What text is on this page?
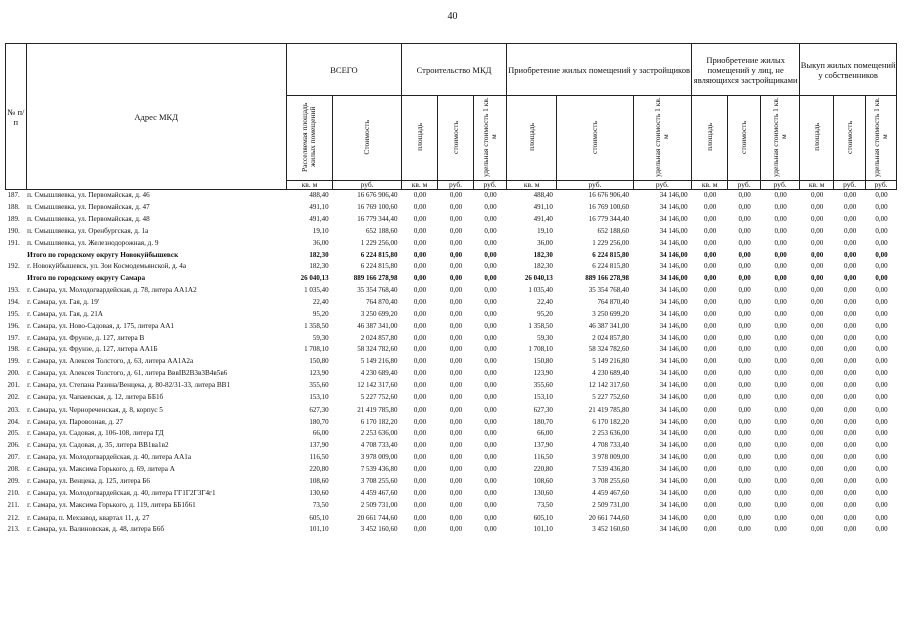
40
№ п/п	Адрес МКД	ВСЕГО		Строительство МКД			Приобретение жилых помещений у застройщиков			Приобретение жилых помещений у лиц, не являющихся застройщиками			Выкуп жилых помещений у собственников		
		Расселяемая площадь жилых помещений	Стоимость	площадь	стоимость	удельная стоимость 1 кв. м	площадь	стоимость	удельная стоимость 1 кв. м	площадь	стоимость	удельная стоимость 1 кв. м	площадь	стоимость	удельная стоимость 1 кв. м
		кв. м	руб.	кв. м	руб.	руб.	кв. м	руб.	руб.	кв. м	руб.	руб.	кв. м	руб.	руб.
187.	п. Смышляевка, ул. Первомайская, д. 46	488,40	16 676 906,40	0,00	0,00	0,00	488,40	16 676 906,40	34 146,00	0,00	0,00	0,00	0,00	0,00	0,00
188.	п. Смышляевка, ул. Первомайская, д. 47	491,10	16 769 100,60	0,00	0,00	0,00	491,10	16 769 100,60	34 146,00	0,00	0,00	0,00	0,00	0,00	0,00
189.	п. Смышляевка, ул. Первомайская, д. 48	491,40	16 779 344,40	0,00	0,00	0,00	491,40	16 779 344,40	34 146,00	0,00	0,00	0,00	0,00	0,00	0,00
190.	п. Смышляевка, ул. Оренбургская, д. 1а	19,10	652 188,60	0,00	0,00	0,00	19,10	652 188,60	34 146,00	0,00	0,00	0,00	0,00	0,00	0,00
191.	п. Смышляевка, ул. Железнодорожная, д. 9	36,00	1 229 256,00	0,00	0,00	0,00	36,00	1 229 256,00	34 146,00	0,00	0,00	0,00	0,00	0,00	0,00
	Итого по городскому округу Новокуйбышевск	182,30	6 224 815,80	0,00	0,00	0,00	182,30	6 224 815,80	34 146,00	0,00	0,00	0,00	0,00	0,00	0,00
192.	г. Новокуйбышевск, ул. Зои Космодемьянской, д. 4а	182,30	6 224 815,80	0,00	0,00	0,00	182,30	6 224 815,80	34 146,00	0,00	0,00	0,00	0,00	0,00	0,00
	Итого по городскому округу Самара	26 040,13	889 166 278,98	0,00	0,00	0,00	26 040,13	889 166 278,98	34 146,00	0,00	0,00	0,00	0,00	0,00	0,00
193.	г. Самара, ул. Молодогвардейская, д. 78, литера АА1А2	1 035,40	35 354 768,40	0,00	0,00	0,00	1 035,40	35 354 768,40	34 146,00	0,00	0,00	0,00	0,00	0,00	0,00
194.	г. Самара, ул. Гая, д. 19'	22,40	764 870,40	0,00	0,00	0,00	22,40	764 870,40	34 146,00	0,00	0,00	0,00	0,00	0,00	0,00
195.	г. Самара, ул. Гая, д. 21А	95,20	3 250 699,20	0,00	0,00	0,00	95,20	3 250 699,20	34 146,00	0,00	0,00	0,00	0,00	0,00	0,00
196.	г. Самара, ул. Ново-Садовая, д. 175, литера АА1	1 358,50	46 387 341,00	0,00	0,00	0,00	1 358,50	46 387 341,00	34 146,00	0,00	0,00	0,00	0,00	0,00	0,00
197.	г. Самара, ул. Фрунзе, д. 127, литера В	59,30	2 024 857,80	0,00	0,00	0,00	59,30	2 024 857,80	34 146,00	0,00	0,00	0,00	0,00	0,00	0,00
198.	г. Самара, ул. Фрунзе, д. 127, литера АА1Б	1 708,10	58 324 782,60	0,00	0,00	0,00	1 708,10	58 324 782,60	34 146,00	0,00	0,00	0,00	0,00	0,00	0,00
199.	г. Самара, ул. Алексея Толстого, д. 63, литера АА1А2а	150,80	5 149 216,80	0,00	0,00	0,00	150,80	5 149 216,80	34 146,00	0,00	0,00	0,00	0,00	0,00	0,00
200.	г. Самара, ул. Алексея Толстого, д. 61, литера ВввІВ2В3в3В4в5в6	123,90	4 230 689,40	0,00	0,00	0,00	123,90	4 230 689,40	34 146,00	0,00	0,00	0,00	0,00	0,00	0,00
201.	г. Самара, ул. Степана Разина/Венцека, д. 80-82/31-33, литера ВВ1	355,60	12 142 317,60	0,00	0,00	0,00	355,60	12 142 317,60	34 146,00	0,00	0,00	0,00	0,00	0,00	0,00
202.	г. Самара, ул. Чапаевская, д. 12, литера ББ1б	153,10	5 227 752,60	0,00	0,00	0,00	153,10	5 227 752,60	34 146,00	0,00	0,00	0,00	0,00	0,00	0,00
203.	г. Самара, ул. Чернореченская, д. 8, корпус 5	627,30	21 419 785,80	0,00	0,00	0,00	627,30	21 419 785,80	34 146,00	0,00	0,00	0,00	0,00	0,00	0,00
204.	г. Самара, ул. Паровозная, д. 27	180,70	6 170 182,20	0,00	0,00	0,00	180,70	6 170 182,20	34 146,00	0,00	0,00	0,00	0,00	0,00	0,00
205.	г. Самара, ул. Садовая, д. 106-108, литера ГД	66,00	2 253 636,00	0,00	0,00	0,00	66,00	2 253 636,00	34 146,00	0,00	0,00	0,00	0,00	0,00	0,00
206.	г. Самара, ул. Садовая, д. 35, литера ВВ1ва1в2	137,90	4 708 733,40	0,00	0,00	0,00	137,90	4 708 733,40	34 146,00	0,00	0,00	0,00	0,00	0,00	0,00
207.	г. Самара, ул. Молодогвардейская, д. 40, литера АА1а	116,50	3 978 009,00	0,00	0,00	0,00	116,50	3 978 009,00	34 146,00	0,00	0,00	0,00	0,00	0,00	0,00
208.	г. Самара, ул. Максима Горького, д. 69, литера А	220,80	7 539 436,80	0,00	0,00	0,00	220,80	7 539 436,80	34 146,00	0,00	0,00	0,00	0,00	0,00	0,00
209.	г. Самара, ул. Венцека, д. 125, литера Б6	108,60	3 708 255,60	0,00	0,00	0,00	108,60	3 708 255,60	34 146,00	0,00	0,00	0,00	0,00	0,00	0,00
210.	г. Самара, ул. Молодогвардейская, д. 40, литера ГГ1Г2Г3Г4г1	130,60	4 459 467,60	0,00	0,00	0,00	130,60	4 459 467,60	34 146,00	0,00	0,00	0,00	0,00	0,00	0,00
211.	г. Самара, ул. Максима Горького, д. 119, литера ББ1б61	73,50	2 509 731,00	0,00	0,00	0,00	73,50	2 509 731,00	34 146,00	0,00	0,00	0,00	0,00	0,00	0,00
212.	г. Самара, п. Мехзавод, квартал 11, д. 27	605,10	20 661 744,60	0,00	0,00	0,00	605,10	20 661 744,60	34 146,00	0,00	0,00	0,00	0,00	0,00	0,00
213.	г. Самара, ул. Валиновская, д. 48, литера Б6б	101,10	3 452 160,60	0,00	0,00	0,00	101,10	3 452 160,60	34 146,00	0,00	0,00	0,00	0,00	0,00	0,00
